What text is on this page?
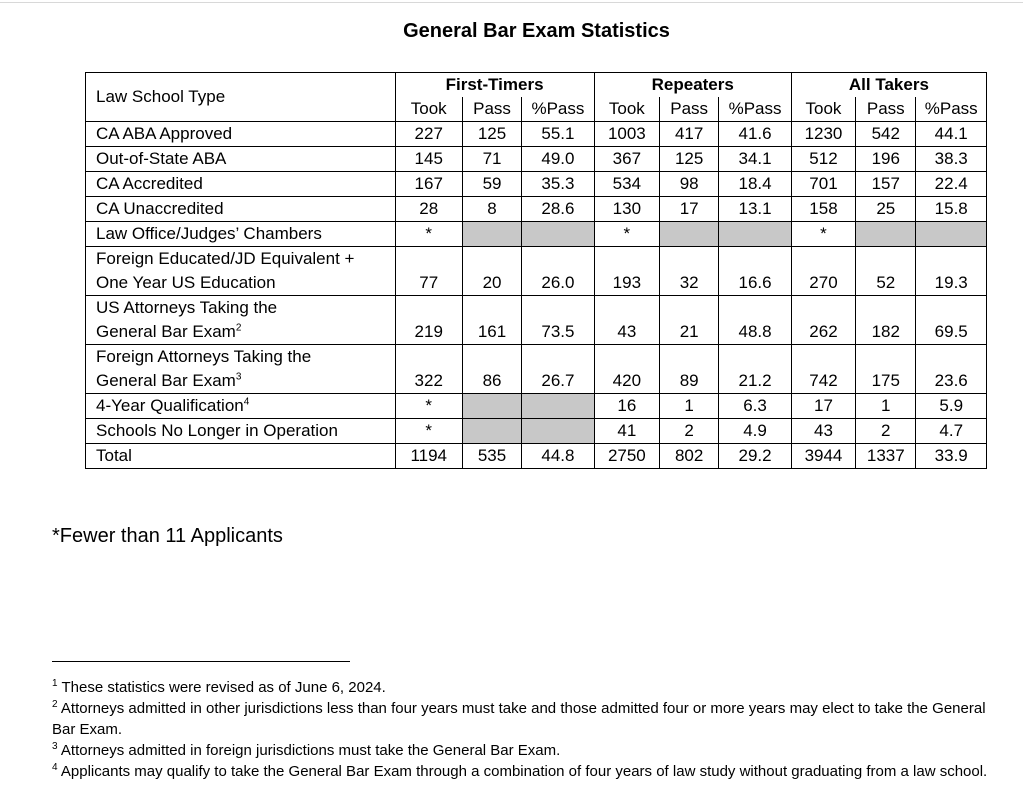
General Bar Exam Statistics
Law School Type	First-Timers			Repeaters			All Takers		
	Took	Pass	%Pass	Took	Pass	%Pass	Took	Pass	%Pass
CA ABA Approved	227	125	55.1	1003	417	41.6	1230	542	44.1
Out-of-State ABA	145	71	49.0	367	125	34.1	512	196	38.3
CA Accredited	167	59	35.3	534	98	18.4	701	157	22.4
CA Unaccredited	28	8	28.6	130	17	13.1	158	25	15.8
Law Office/Judges’ Chambers	*			*			*		
Foreign Educated/JD Equivalent +
One Year US Education	77	20	26.0	193	32	16.6	270	52	19.3
US Attorneys Taking the
General Bar Exam$^2$	219	161	73.5	43	21	48.8	262	182	69.5
Foreign Attorneys Taking the
General Bar Exam$^3$	322	86	26.7	420	89	21.2	742	175	23.6
4-Year Qualification$^4$	*			16	1	6.3	17	1	5.9
Schools No Longer in Operation	*			41	2	4.9	43	2	4.7
Total	1194	535	44.8	2750	802	29.2	3944	1337	33.9
*Fewer than 11 Applicants

$^1$ These statistics were revised as of June 6, 2024.

$^2$ Attorneys admitted in other jurisdictions less than four years must take and those admitted four or more years may elect to take the General Bar Exam.

$^3$ Attorneys admitted in foreign jurisdictions must take the General Bar Exam.

$^4$ Applicants may qualify to take the General Bar Exam through a combination of four years of law study without graduating from a law school.
